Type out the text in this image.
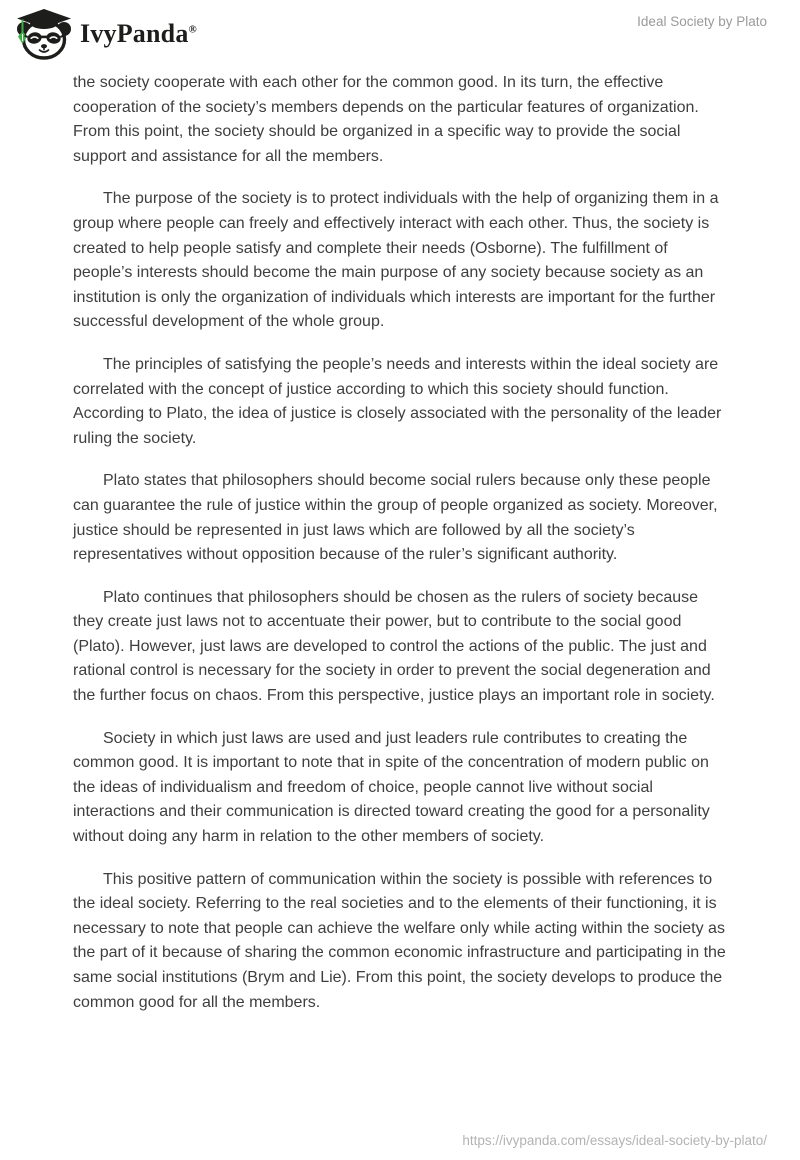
IvyPanda®
Ideal Society by Plato

the society cooperate with each other for the common good. In its turn, the effective cooperation of the society’s members depends on the particular features of organization. From this point, the society should be organized in a specific way to provide the social support and assistance for all the members.

The purpose of the society is to protect individuals with the help of organizing them in a group where people can freely and effectively interact with each other. Thus, the society is created to help people satisfy and complete their needs (Osborne). The fulfillment of people’s interests should become the main purpose of any society because society as an institution is only the organization of individuals which interests are important for the further successful development of the whole group.

The principles of satisfying the people’s needs and interests within the ideal society are correlated with the concept of justice according to which this society should function. According to Plato, the idea of justice is closely associated with the personality of the leader ruling the society.

Plato states that philosophers should become social rulers because only these people can guarantee the rule of justice within the group of people organized as society. Moreover, justice should be represented in just laws which are followed by all the society’s representatives without opposition because of the ruler’s significant authority.

Plato continues that philosophers should be chosen as the rulers of society because they create just laws not to accentuate their power, but to contribute to the social good (Plato). However, just laws are developed to control the actions of the public. The just and rational control is necessary for the society in order to prevent the social degeneration and the further focus on chaos. From this perspective, justice plays an important role in society.

Society in which just laws are used and just leaders rule contributes to creating the common good. It is important to note that in spite of the concentration of modern public on the ideas of individualism and freedom of choice, people cannot live without social interactions and their communication is directed toward creating the good for a personality without doing any harm in relation to the other members of society.

This positive pattern of communication within the society is possible with references to the ideal society. Referring to the real societies and to the elements of their functioning, it is necessary to note that people can achieve the welfare only while acting within the society as the part of it because of sharing the common economic infrastructure and participating in the same social institutions (Brym and Lie). From this point, the society develops to produce the common good for all the members.

https://ivypanda.com/essays/ideal-society-by-plato/
